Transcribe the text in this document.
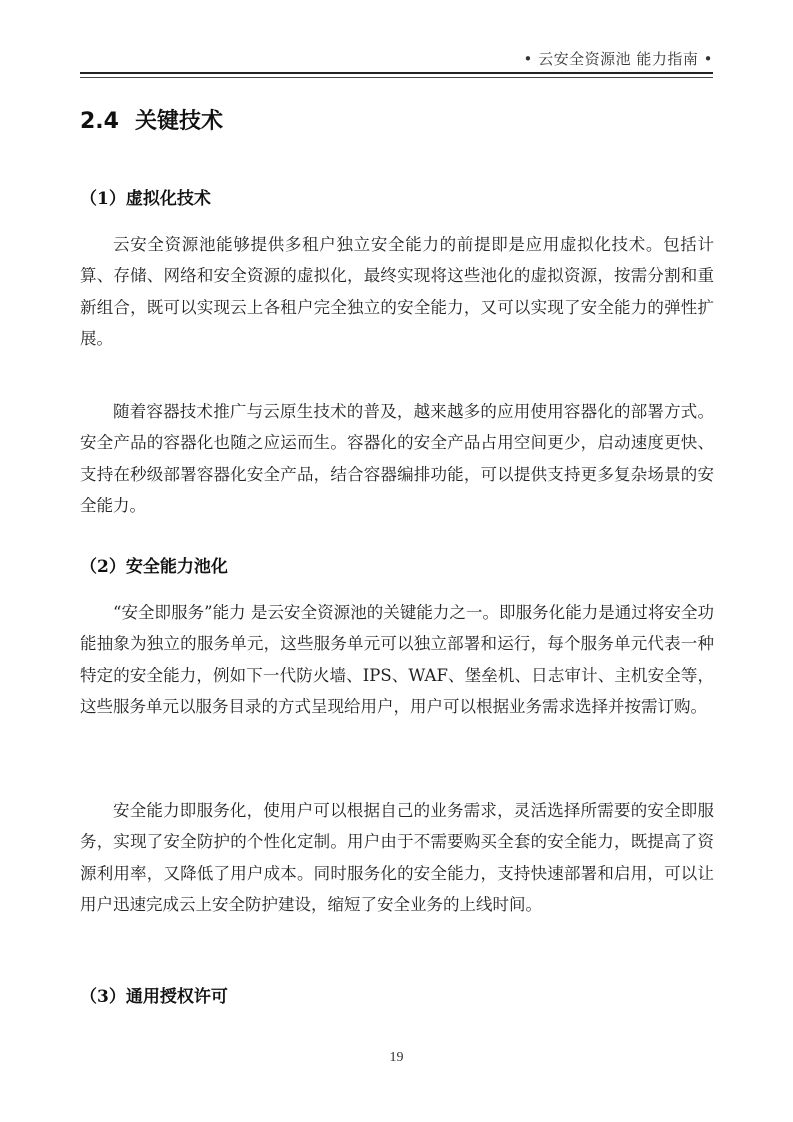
• 云安全资源池 能力指南 •
2.4 关键技术
（1）虚拟化技术

云安全资源池能够提供多租户独立安全能力的前提即是应用虚拟化技术。包括计算、存储、网络和安全资源的虚拟化，最终实现将这些池化的虚拟资源，按需分割和重新组合，既可以实现云上各租户完全独立的安全能力，又可以实现了安全能力的弹性扩展。

随着容器技术推广与云原生技术的普及，越来越多的应用使用容器化的部署方式。安全产品的容器化也随之应运而生。容器化的安全产品占用空间更少，启动速度更快、支持在秒级部署容器化安全产品，结合容器编排功能，可以提供支持更多复杂场景的安全能力。

（2）安全能力池化

“安全即服务”能力 是云安全资源池的关键能力之一。即服务化能力是通过将安全功能抽象为独立的服务单元，这些服务单元可以独立部署和运行，每个服务单元代表一种特定的安全能力，例如下一代防火墙、IPS、WAF、堡垒机、日志审计、主机安全等，这些服务单元以服务目录的方式呈现给用户，用户可以根据业务需求选择并按需订购。

安全能力即服务化，使用户可以根据自己的业务需求，灵活选择所需要的安全即服务，实现了安全防护的个性化定制。用户由于不需要购买全套的安全能力，既提高了资源利用率，又降低了用户成本。同时服务化的安全能力，支持快速部署和启用，可以让用户迅速完成云上安全防护建设，缩短了安全业务的上线时间。

（3）通用授权许可
19
